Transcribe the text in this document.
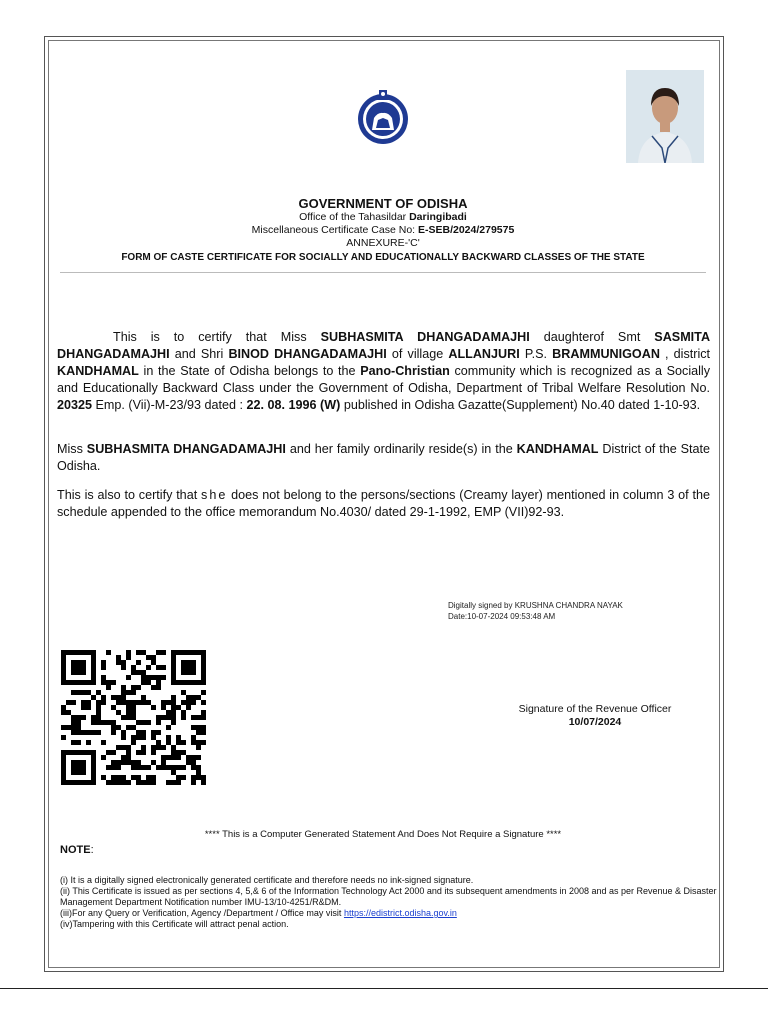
GOVERNMENT OF ODISHA
Office of the Tahasildar Daringibadi
Miscellaneous Certificate Case No: E-SEB/2024/279575
ANNEXURE-'C'
FORM OF CASTE CERTIFICATE FOR SOCIALLY AND EDUCATIONALLY BACKWARD CLASSES OF THE STATE
This is to certify that Miss SUBHASMITA DHANGADAMAJHI daughterof Smt SASMITA DHANGADAMAJHI and Shri BINOD DHANGADAMAJHI of village ALLANJURI P.S. BRAMMUNIGOAN , district KANDHAMAL in the State of Odisha belongs to the Pano-Christian community which is recognized as a Socially and Educationally Backward Class under the Government of Odisha, Department of Tribal Welfare Resolution No. 20325 Emp. (Vii)-M-23/93 dated : 22. 08. 1996 (W) published in Odisha Gazatte(Supplement) No.40 dated 1-10-93.
Miss SUBHASMITA DHANGADAMAJHI and her family ordinarily reside(s) in the KANDHAMAL District of the State Odisha.
This is also to certify that she does not belong to the persons/sections (Creamy layer) mentioned in column 3 of the schedule appended to the office memorandum No.4030/ dated 29-1-1992, EMP (VII)92-93.
Digitally signed by KRUSHNA CHANDRA NAYAK
Date:10-07-2024 09:53:48 AM
Signature of the Revenue Officer
10/07/2024
**** This is a Computer Generated Statement And Does Not Require a Signature ****
NOTE:
(i) It is a digitally signed electronically generated certificate and therefore needs no ink-signed signature.
(ii) This Certificate is issued as per sections 4, 5,& 6 of the Information Technology Act 2000 and its subsequent amendments in 2008 and as per Revenue & Disaster Management Department Notification number IMU-13/10-4251/R&DM.
(iii)For any Query or Verification, Agency /Department / Office may visit https://edistrict.odisha.gov.in
(iv)Tampering with this Certificate will attract penal action.
